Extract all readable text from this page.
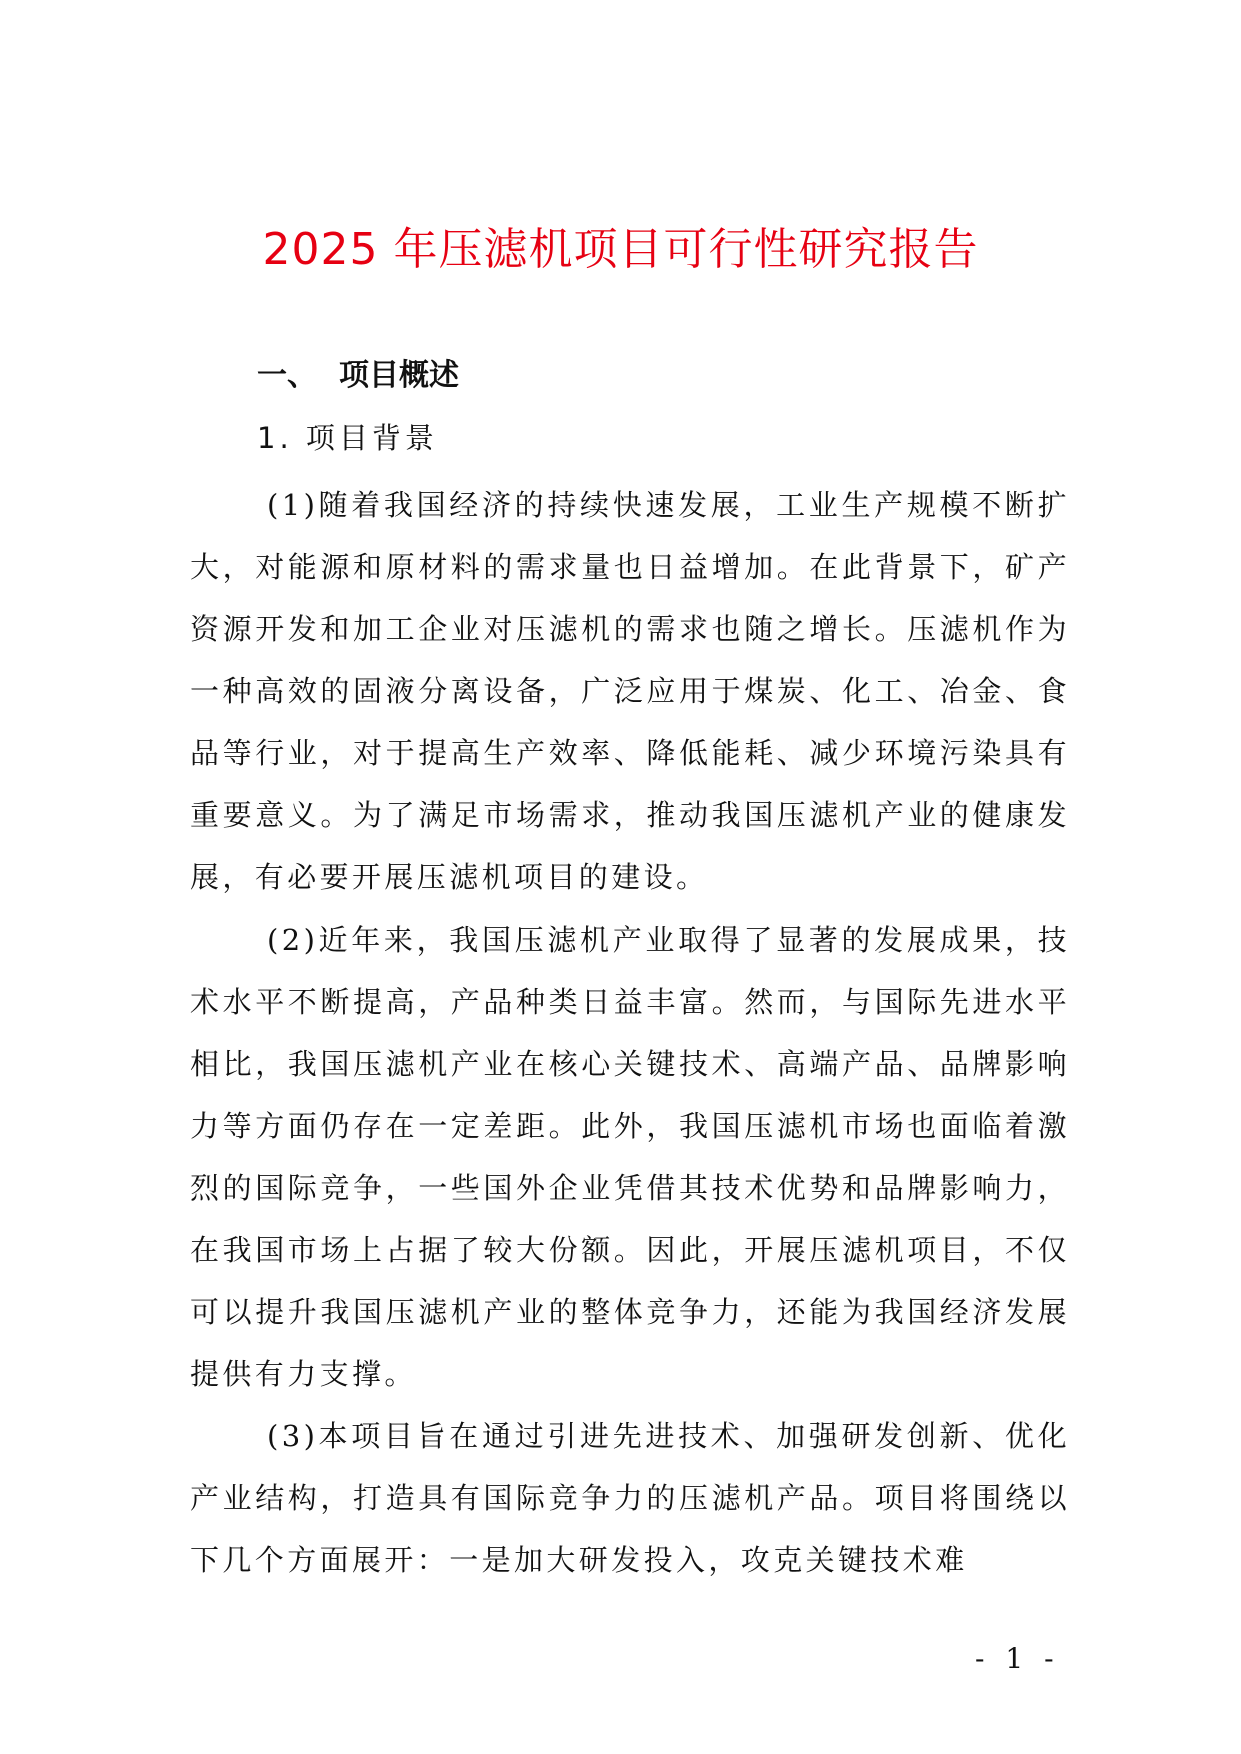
2025 年压滤机项目可行性研究报告
一、 项目概述
1. 项目背景

(1)随着我国经济的持续快速发展，工业生产规模不断扩大，对能源和原材料的需求量也日益增加。在此背景下，矿产资源开发和加工企业对压滤机的需求也随之增长。压滤机作为一种高效的固液分离设备，广泛应用于煤炭、化工、冶金、食品等行业，对于提高生产效率、降低能耗、减少环境污染具有重要意义。为了满足市场需求，推动我国压滤机产业的健康发展，有必要开展压滤机项目的建设。

(2)近年来，我国压滤机产业取得了显著的发展成果，技术水平不断提高，产品种类日益丰富。然而，与国际先进水平相比，我国压滤机产业在核心关键技术、高端产品、品牌影响力等方面仍存在一定差距。此外，我国压滤机市场也面临着激烈的国际竞争，一些国外企业凭借其技术优势和品牌影响力，在我国市场上占据了较大份额。因此，开展压滤机项目，不仅可以提升我国压滤机产业的整体竞争力，还能为我国经济发展提供有力支撑。

(3)本项目旨在通过引进先进技术、加强研发创新、优化产业结构，打造具有国际竞争力的压滤机产品。项目将围绕以下几个方面展开：一是加大研发投入，攻克关键技术难

- 1 -
